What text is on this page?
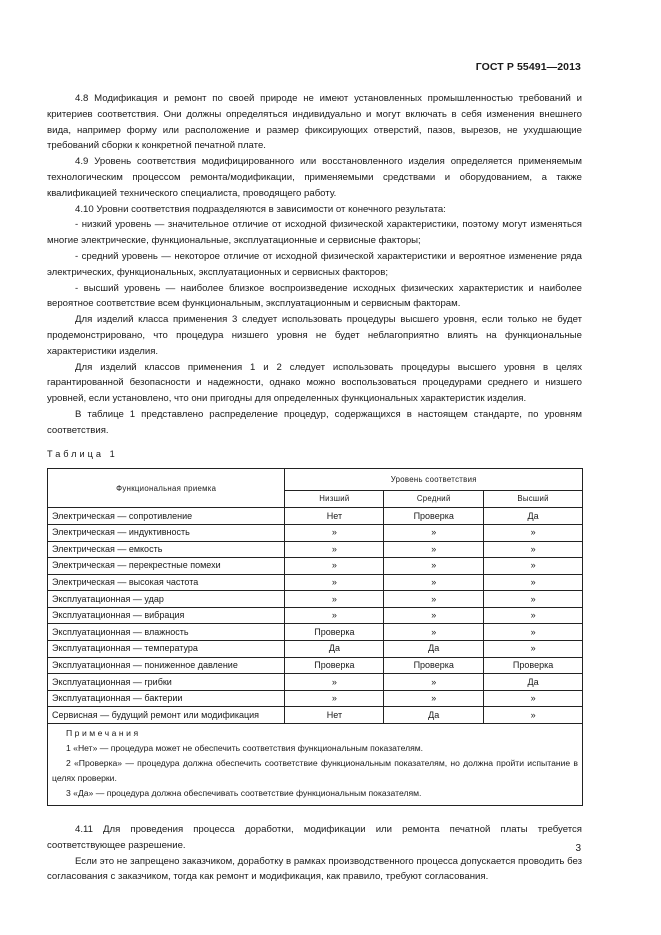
ГОСТ Р 55491—2013

4.8 Модификация и ремонт по своей природе не имеют установленных промышленностью требований и критериев соответствия. Они должны определяться индивидуально и могут включать в себя изменения внешнего вида, например форму или расположение и размер фиксирующих отверстий, пазов, вырезов, не ухудшающие требований сборки к конкретной печатной плате.

4.9 Уровень соответствия модифицированного или восстановленного изделия определяется применяемым технологическим процессом ремонта/модификации, применяемыми средствами и оборудованием, а также квалификацией технического специалиста, проводящего работу.

4.10 Уровни соответствия подразделяются в зависимости от конечного результата:

- низкий уровень — значительное отличие от исходной физической характеристики, поэтому могут изменяться многие электрические, функциональные, эксплуатационные и сервисные факторы;

- средний уровень — некоторое отличие от исходной физической характеристики и вероятное изменение ряда электрических, функциональных, эксплуатационных и сервисных факторов;

- высший уровень — наиболее близкое воспроизведение исходных физических характеристик и наиболее вероятное соответствие всем функциональным, эксплуатационным и сервисным факторам.

Для изделий класса применения 3 следует использовать процедуры высшего уровня, если только не будет продемонстрировано, что процедура низшего уровня не будет неблагоприятно влиять на функциональные характеристики изделия.

Для изделий классов применения 1 и 2 следует использовать процедуры высшего уровня в целях гарантированной безопасности и надежности, однако можно воспользоваться процедурами среднего и низшего уровней, если установлено, что они пригодны для определенных функциональных характеристик изделия.

В таблице 1 представлено распределение процедур, содержащихся в настоящем стандарте, по уровням соответствия.

Таблица 1
Функциональная приемка	Уровень соответствия		
	Низший	Средний	Высший
Электрическая — сопротивление	Нет	Проверка	Да
Электрическая — индуктивность	»	»	»
Электрическая — емкость	»	»	»
Электрическая — перекрестные помехи	»	»	»
Электрическая — высокая частота	»	»	»
Эксплуатационная — удар	»	»	»
Эксплуатационная — вибрация	»	»	»
Эксплуатационная — влажность	Проверка	»	»
Эксплуатационная — температура	Да	Да	»
Эксплуатационная — пониженное давление	Проверка	Проверка	Проверка
Эксплуатационная — грибки	»	»	Да
Эксплуатационная — бактерии	»	»	»
Сервисная — будущий ремонт или модификация	Нет	Да	»

Примечания
1 «Нет» — процедура может не обеспечить соответствия функциональным показателям.
2 «Проверка» — процедура должна обеспечить соответствие функциональным показателям, но должна пройти испытание в целях проверки.
3 «Да» — процедура должна обеспечивать соответствие функциональным показателям.			

4.11 Для проведения процесса доработки, модификации или ремонта печатной платы требуется соответствующее разрешение.

Если это не запрещено заказчиком, доработку в рамках производственного процесса допускается проводить без согласования с заказчиком, тогда как ремонт и модификация, как правило, требуют согласования.

3
